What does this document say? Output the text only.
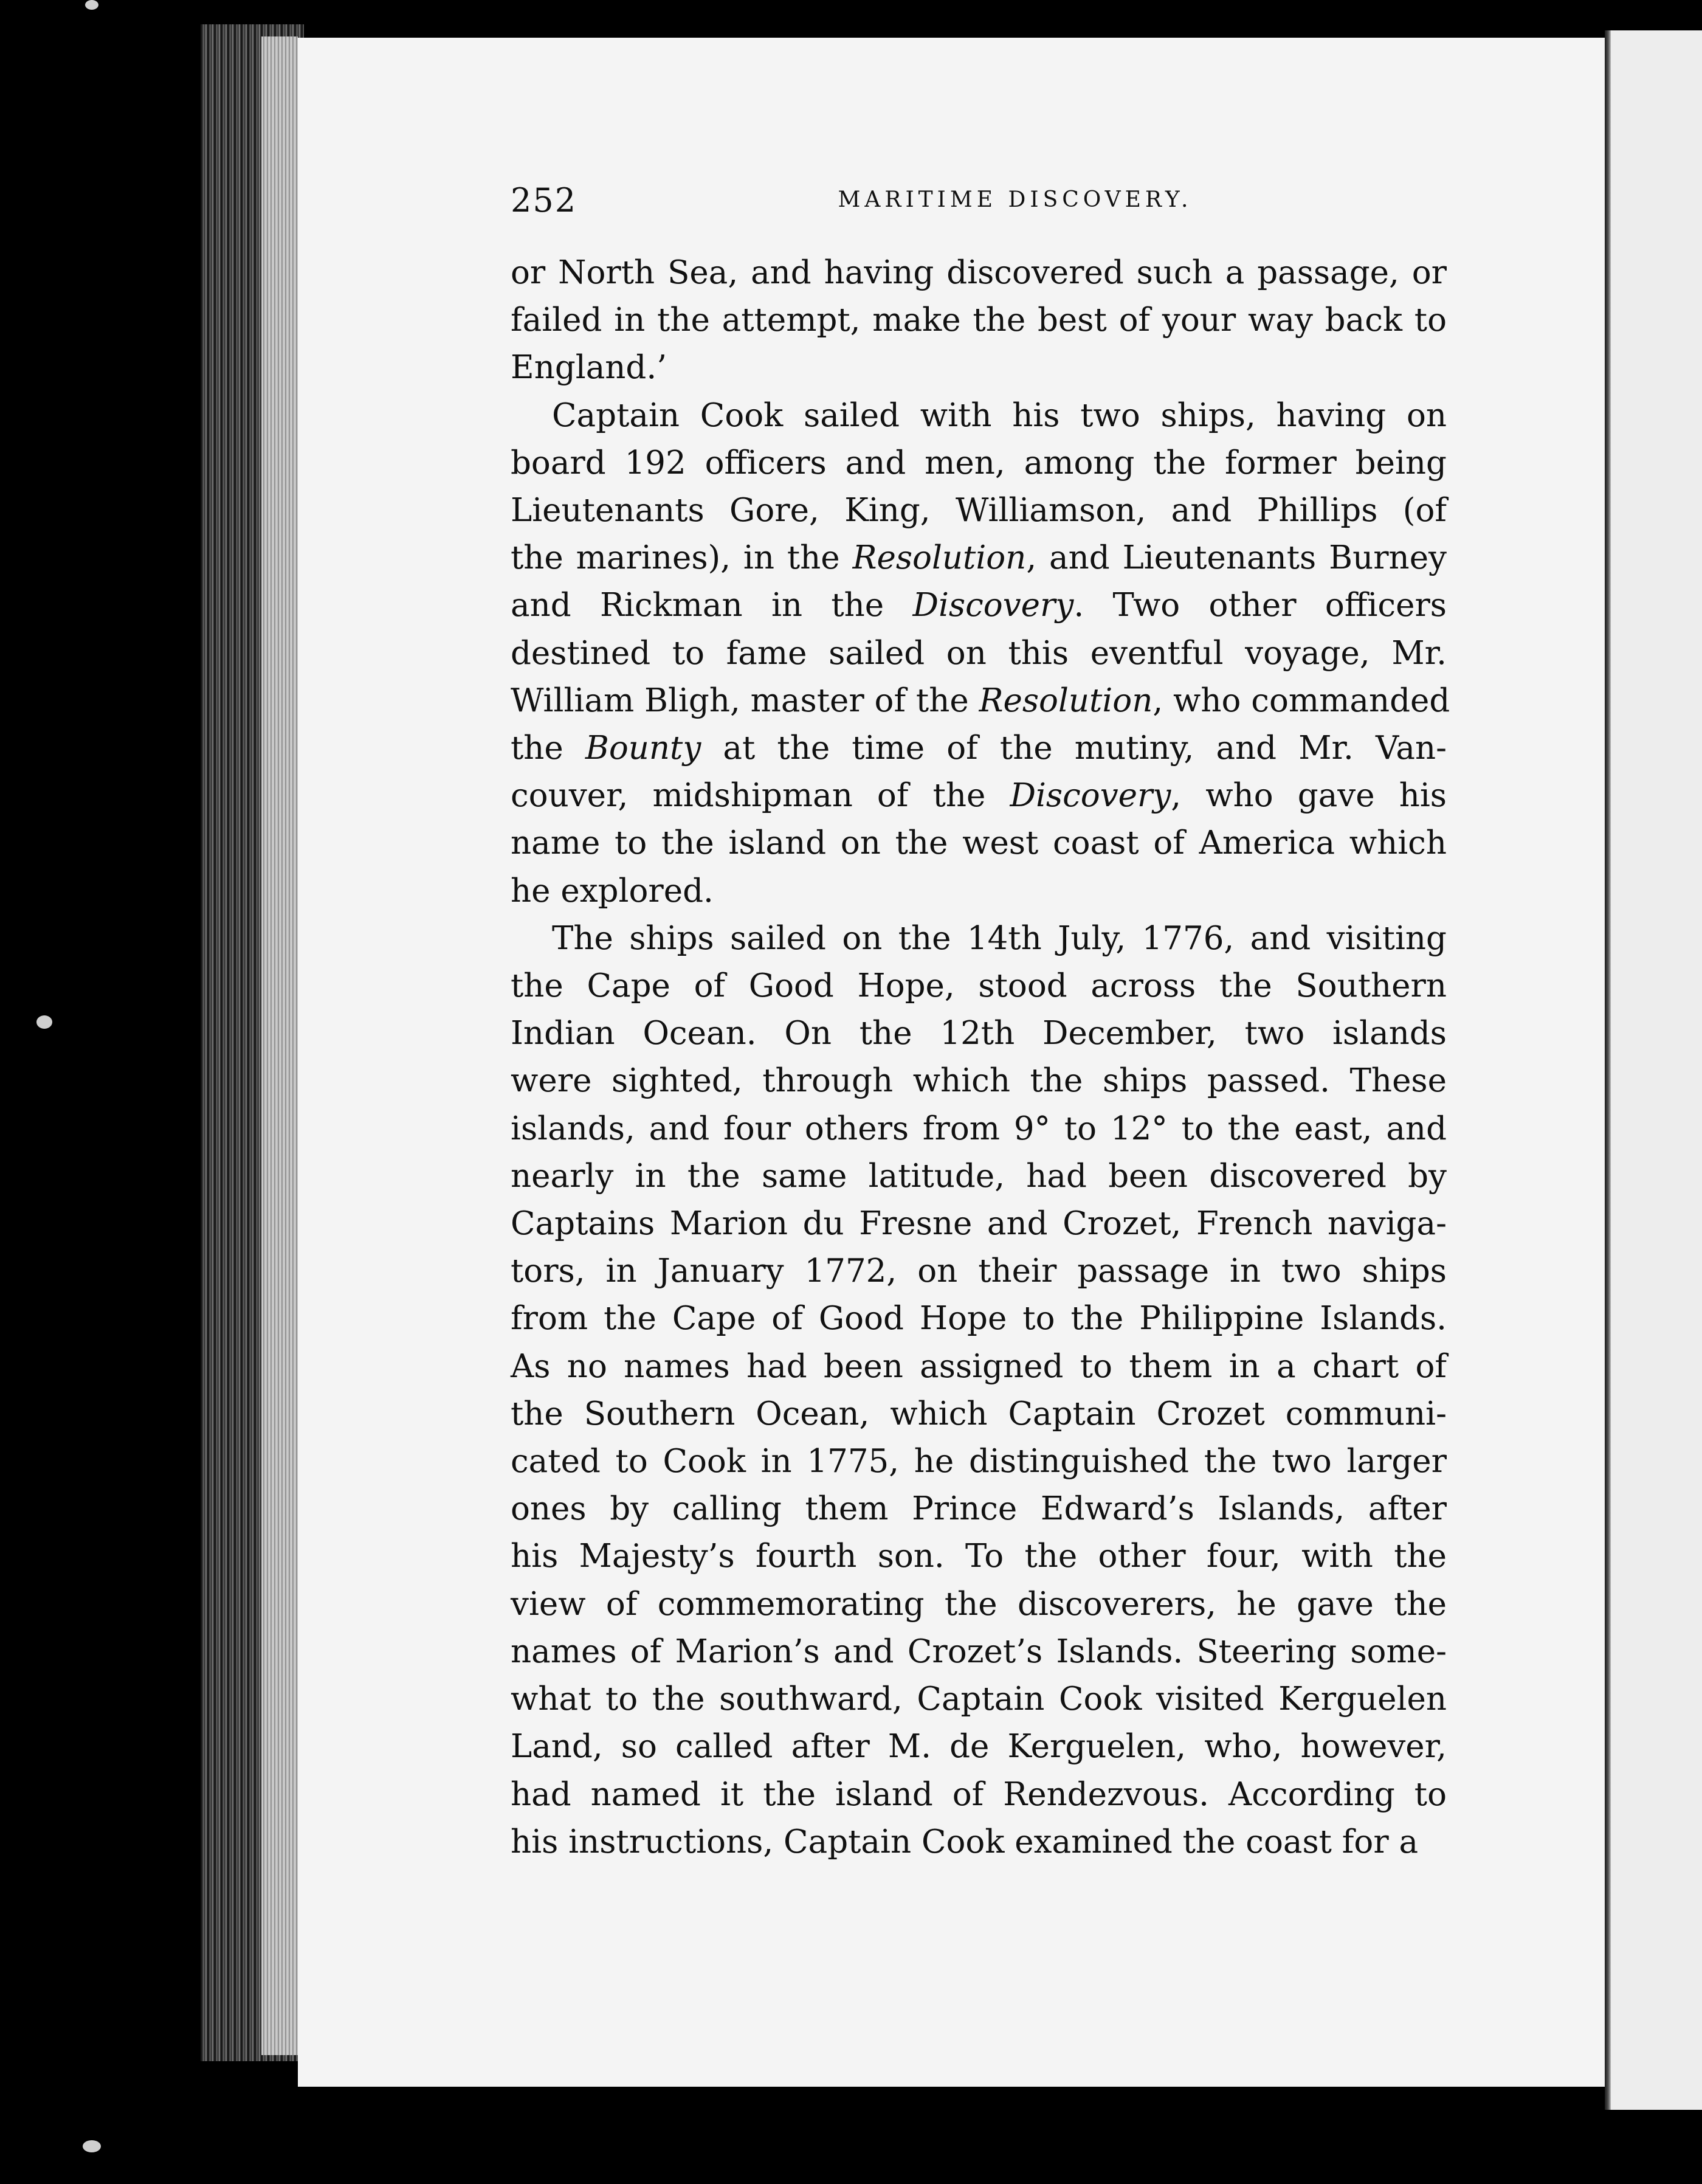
252	MARITIME DISCOVERY.
or North Sea, and having discovered such a passage, or
failed in the attempt, make the best of your way back to
England.’
Captain Cook sailed with his two ships, having on
board 192 officers and men, among the former being
Lieutenants Gore, King, Williamson, and Phillips (of
the marines), in the Resolution, and Lieutenants Burney
and Rickman in the Discovery. Two other officers
destined to fame sailed on this eventful voyage, Mr.
William Bligh, master of the Resolution, who commanded
the Bounty at the time of the mutiny, and Mr. Van-
couver, midshipman of the Discovery, who gave his
name to the island on the west coast of America which
he explored.
The ships sailed on the 14th July, 1776, and visiting
the Cape of Good Hope, stood across the Southern
Indian Ocean. On the 12th December, two islands
were sighted, through which the ships passed. These
islands, and four others from 9° to 12° to the east, and
nearly in the same latitude, had been discovered by
Captains Marion du Fresne and Crozet, French naviga-
tors, in January 1772, on their passage in two ships
from the Cape of Good Hope to the Philippine Islands.
As no names had been assigned to them in a chart of
the Southern Ocean, which Captain Crozet communi-
cated to Cook in 1775, he distinguished the two larger
ones by calling them Prince Edward’s Islands, after
his Majesty’s fourth son. To the other four, with the
view of commemorating the discoverers, he gave the
names of Marion’s and Crozet’s Islands. Steering some-
what to the southward, Captain Cook visited Kerguelen
Land, so called after M. de Kerguelen, who, however,
had named it the island of Rendezvous. According to
his instructions, Captain Cook examined the coast for a
